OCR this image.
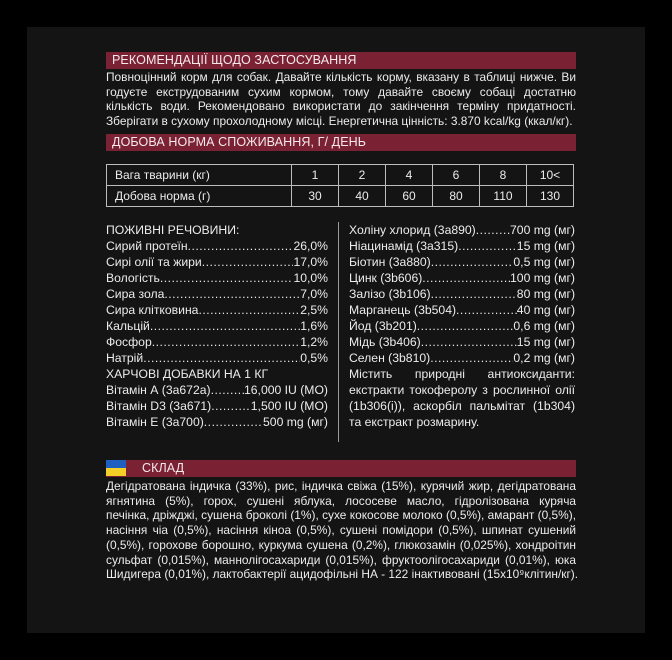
РЕКОМЕНДАЦІЇ ЩОДО ЗАСТОСУВАННЯ
Повноцінний корм для собак. Давайте кількість корму, вказану в таблиці нижче. Ви
годуєте екструдованим сухим кормом, тому давайте своєму собаці достатню
кількість води. Рекомендовано використати до закінчення терміну придатності.
Зберігати в сухому прохолодному місці. Енергетична цінність: 3.870 kcal/kg (ккал/кг).
ДОБОВА НОРМА СПОЖИВАННЯ, Г/ ДЕНЬ
Вага тварини (кг)	1	2	4	6	8	10<
Добова норма (г)	30	40	60	80	110	130
ПОЖИВНІ РЕЧОВИНИ:
Сирий протеїн .....	26,0%
Сирі олії та жири .....	17,0%
Вологість .....	10,0%
Сира зола .....	7,0%
Сира клітковина .....	2,5%
Кальцій .....	1,6%
Фосфор .....	1,2%
Натрій .....	0,5%
ХАРЧОВІ ДОБАВКИ НА 1 КГ
Вітамін А (3а672а) .....	16,000 IU (MO)
Вітамін D3 (3а671) .....	1,500 IU (MO)
Вітамін Е (3а700) .....	500 mg (мг)
Холіну хлорид (3а890) .....	700 mg (мг)
Ніацинамід (3а315) .....	15 mg (мг)
Біотин (3а880) .....	0,5 mg (мг)
Цинк (3b606) .....	100 mg (мг)
Залізо (3b106) .....	80 mg (мг)
Марганець (3b504) .....	40 mg (мг)
Йод (3b201) .....	0,6 mg (мг)
Мідь (3b406) .....	15 mg (мг)
Селен (3b810) .....	0,2 mg (мг)
Містить природні антиоксиданти: екстракти токоферолу з рослинної олії (1b306(i)), аскорбіл пальмітат (1b304) та екстракт розмарину.
СКЛАД
Дегідратована індичка (33%), рис, індичка свіжа (15%), курячий жир, дегідратована
ягнятина (5%), горох, сушені яблука, лососеве масло, гідролізована куряча
печінка, дріжджі, сушена броколі (1%), сухе кокосове молоко (0,5%), амарант (0,5%),
насіння чіа (0,5%), насіння кіноа (0,5%), сушені помідори (0,5%), шпинат сушений
(0,5%), горохове борошно, куркума сушена (0,2%), глюкозамін (0,025%), хондроітин
сульфат (0,015%), маннолігосахариди (0,015%), фруктоолігосахариди (0,01%), юка
Шидигера (0,01%), лактобактерії ацидофільні НА - 122 інактивовані (15х10⁹клітин/кг).
